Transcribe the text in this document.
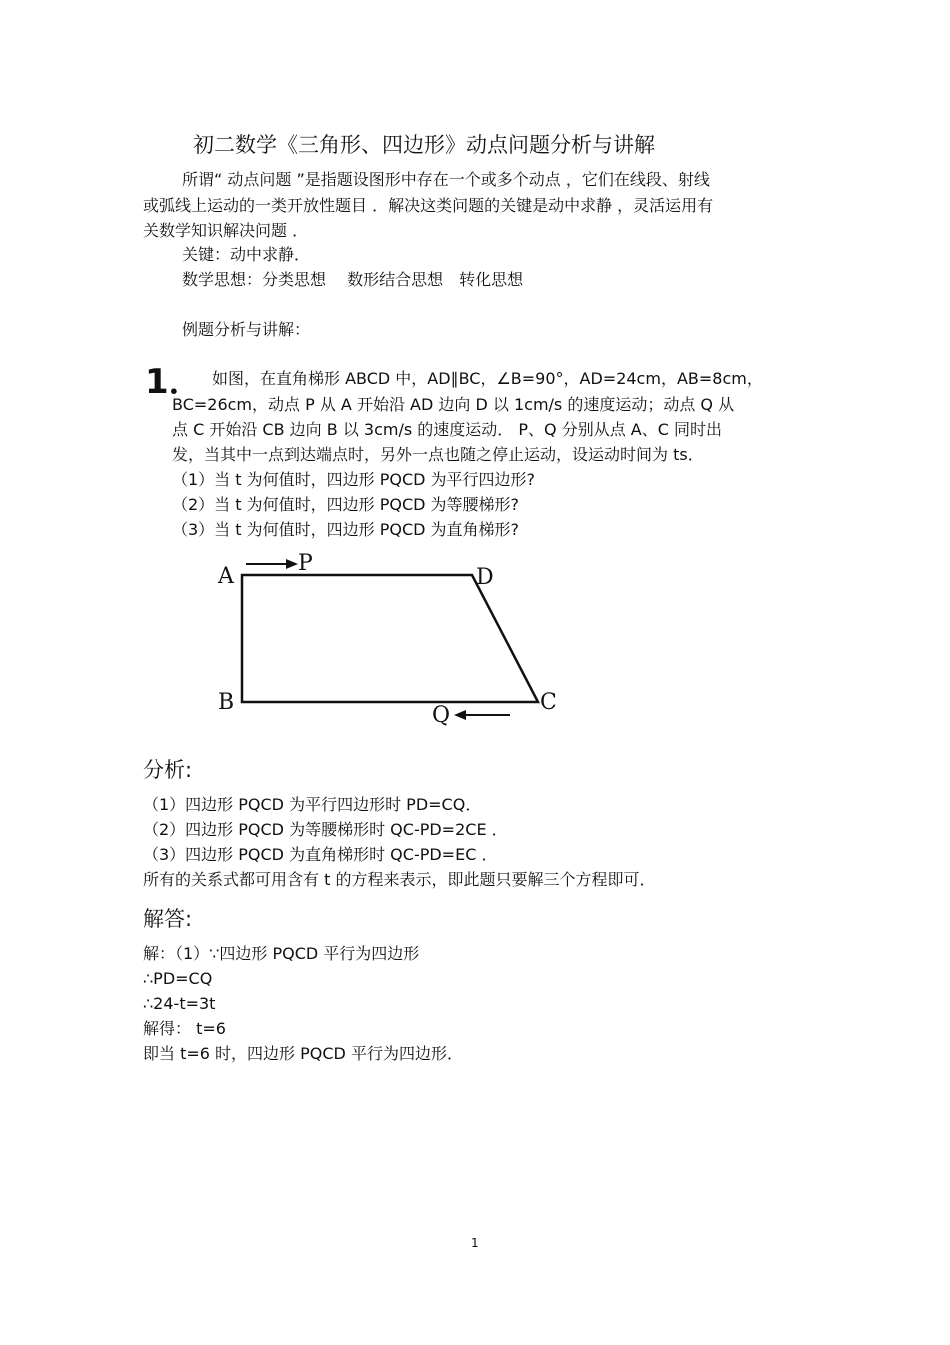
初二数学《三角形、四边形》动点问题分析与讲解
所谓“ 动点问题 ”是指题设图形中存在一个或多个动点 ，它们在线段、射线
或弧线上运动的一类开放性题目 ．解决这类问题的关键是动中求静 ，灵活运用有
关数学知识解决问题 ．
关键：动中求静．
数学思想：分类思想　 数形结合思想　转化思想
例题分析与讲解：
1． 如图，在直角梯形 ABCD 中，AD∥BC，∠B=90°，AD=24cm，AB=8cm，
BC=26cm，动点 P 从 A 开始沿 AD 边向 D 以 1cm/s 的速度运动；动点 Q 从
点 C 开始沿 CB 边向 B 以 3cm/s 的速度运动． P、Q 分别从点 A、C 同时出
发，当其中一点到达端点时，另外一点也随之停止运动，设运动时间为 ts．
（1）当 t 为何值时，四边形 PQCD 为平行四边形?
（2）当 t 为何值时，四边形 PQCD 为等腰梯形?
（3）当 t 为何值时，四边形 PQCD 为直角梯形?
A
P
D
B	C
Q
分析:
（1）四边形 PQCD 为平行四边形时 PD=CQ．
（2）四边形 PQCD 为等腰梯形时 QC-PD=2CE ．
（3）四边形 PQCD 为直角梯形时 QC-PD=EC ．
所有的关系式都可用含有 t 的方程来表示，即此题只要解三个方程即可．
解答:
解：（1）∵四边形 PQCD 平行为四边形
∴PD=CQ
∴24-t=3t
解得： t=6
即当 t=6 时，四边形 PQCD 平行为四边形．
1
